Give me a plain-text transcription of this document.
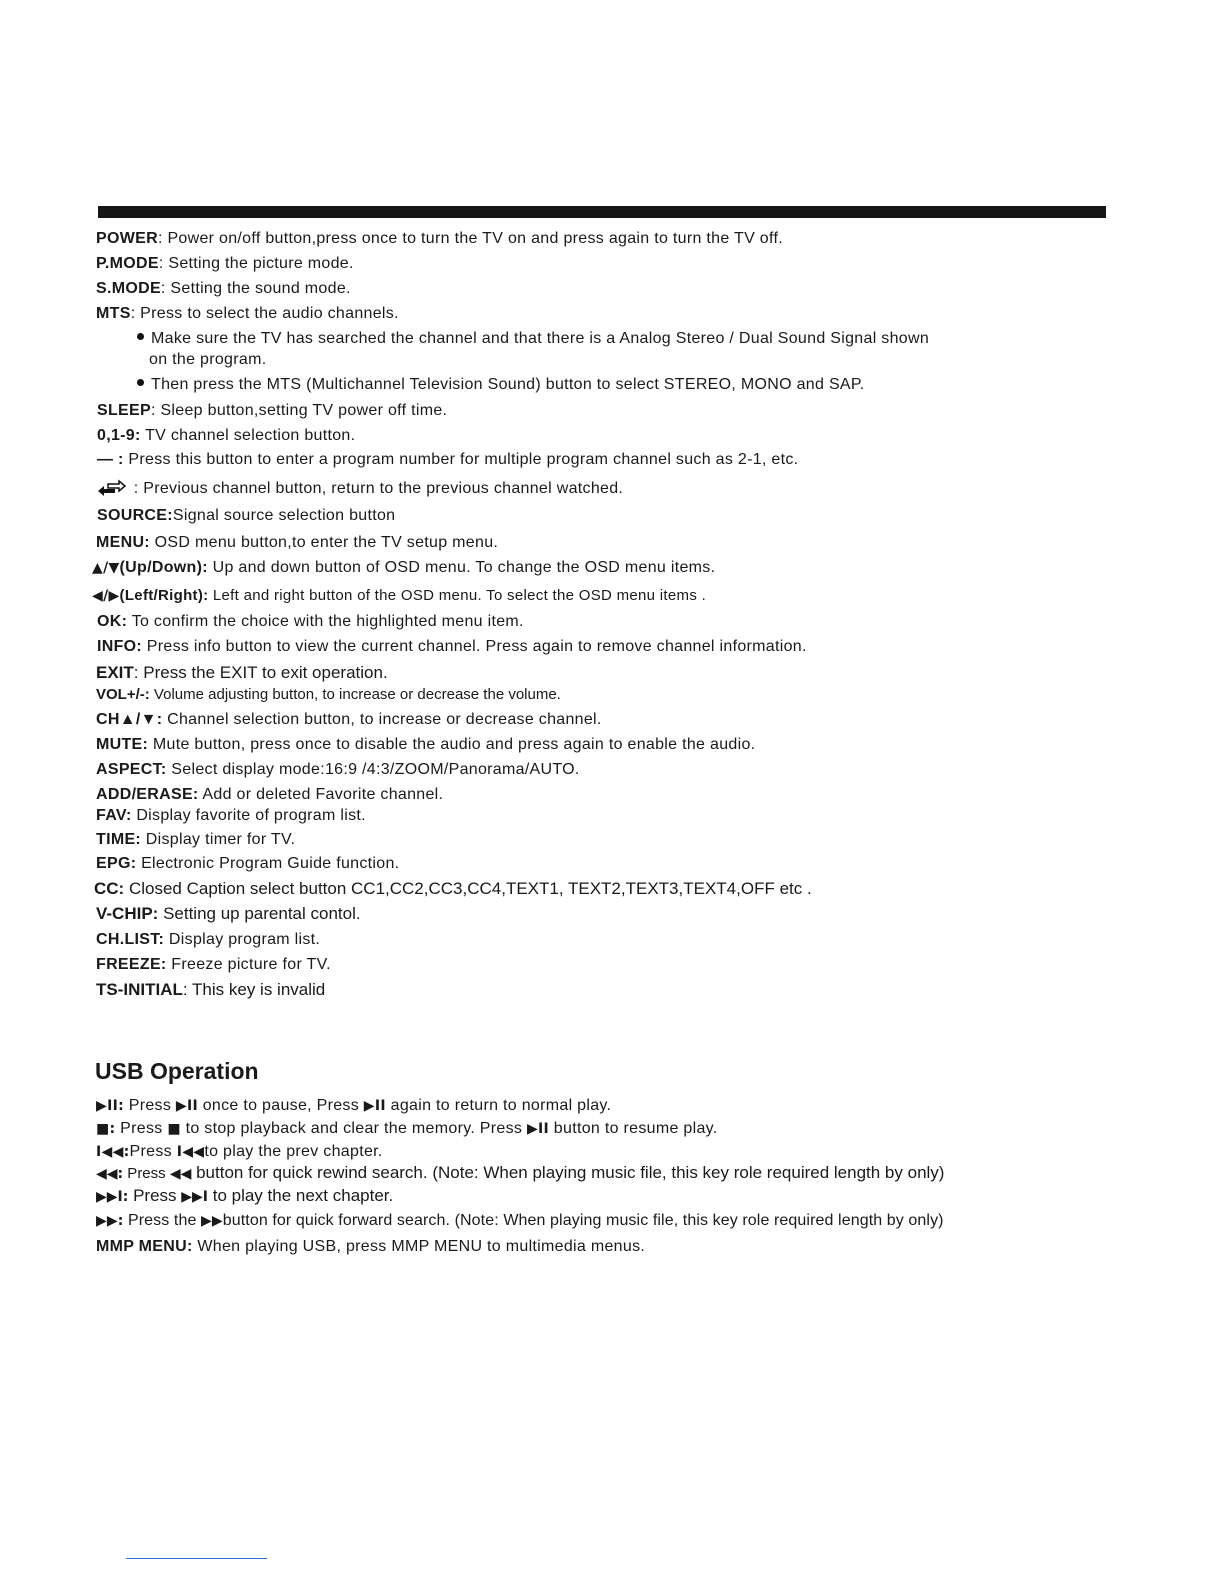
POWER: Power on/off button,press once to turn the TV on and press again to turn the TV off.
P.MODE: Setting the picture mode.
S.MODE: Setting the sound mode.
MTS: Press to select the audio channels.
Make sure the TV has searched the channel and that there is a Analog Stereo / Dual Sound Signal shown
on the program.
Then press the MTS (Multichannel Television Sound) button to select STEREO, MONO and SAP.
SLEEP: Sleep button,setting TV power off time.
0,1-9: TV channel selection button.
— : Press this button to enter a program number for multiple program channel such as 2-1, etc.
: Previous channel button, return to the previous channel watched.
SOURCE:Signal source selection button
MENU: OSD menu button,to enter the TV setup menu.
▲/▼(Up/Down): Up and down button of OSD menu. To change the OSD menu items.
◀/▶(Left/Right): Left and right button of the OSD menu. To select the OSD menu items .
OK: To confirm the choice with the highlighted menu item.
INFO: Press info button to view the current channel. Press again to remove channel information.
EXIT: Press the EXIT to exit operation.
VOL+/-: Volume adjusting button, to increase or decrease the volume.
CH▲/▼: Channel selection button, to increase or decrease channel.
MUTE: Mute button, press once to disable the audio and press again to enable the audio.
ASPECT: Select display mode:16:9 /4:3/ZOOM/Panorama/AUTO.
ADD/ERASE: Add or deleted Favorite channel.
FAV: Display favorite of program list.
TIME: Display timer for TV.
EPG: Electronic Program Guide function.
CC: Closed Caption select button CC1,CC2,CC3,CC4,TEXT1, TEXT2,TEXT3,TEXT4,OFF etc .
V-CHIP: Setting up parental contol.
CH.LIST: Display program list.
FREEZE: Freeze picture for TV.
TS-INITIAL: This key is invalid
USB Operation
▶II: Press ▶II once to pause, Press ▶II again to return to normal play.
■: Press ■ to stop playback and clear the memory. Press ▶II button to resume play.
I◀◀:Press I◀◀to play the prev chapter.
◀◀: Press ◀◀ button for quick rewind search. (Note: When playing music file, this key role required length by only)
▶▶I: Press ▶▶I to play the next chapter.
▶▶: Press the ▶▶button for quick forward search. (Note: When playing music file, this key role required length by only)
MMP MENU: When playing USB, press MMP MENU to multimedia menus.
